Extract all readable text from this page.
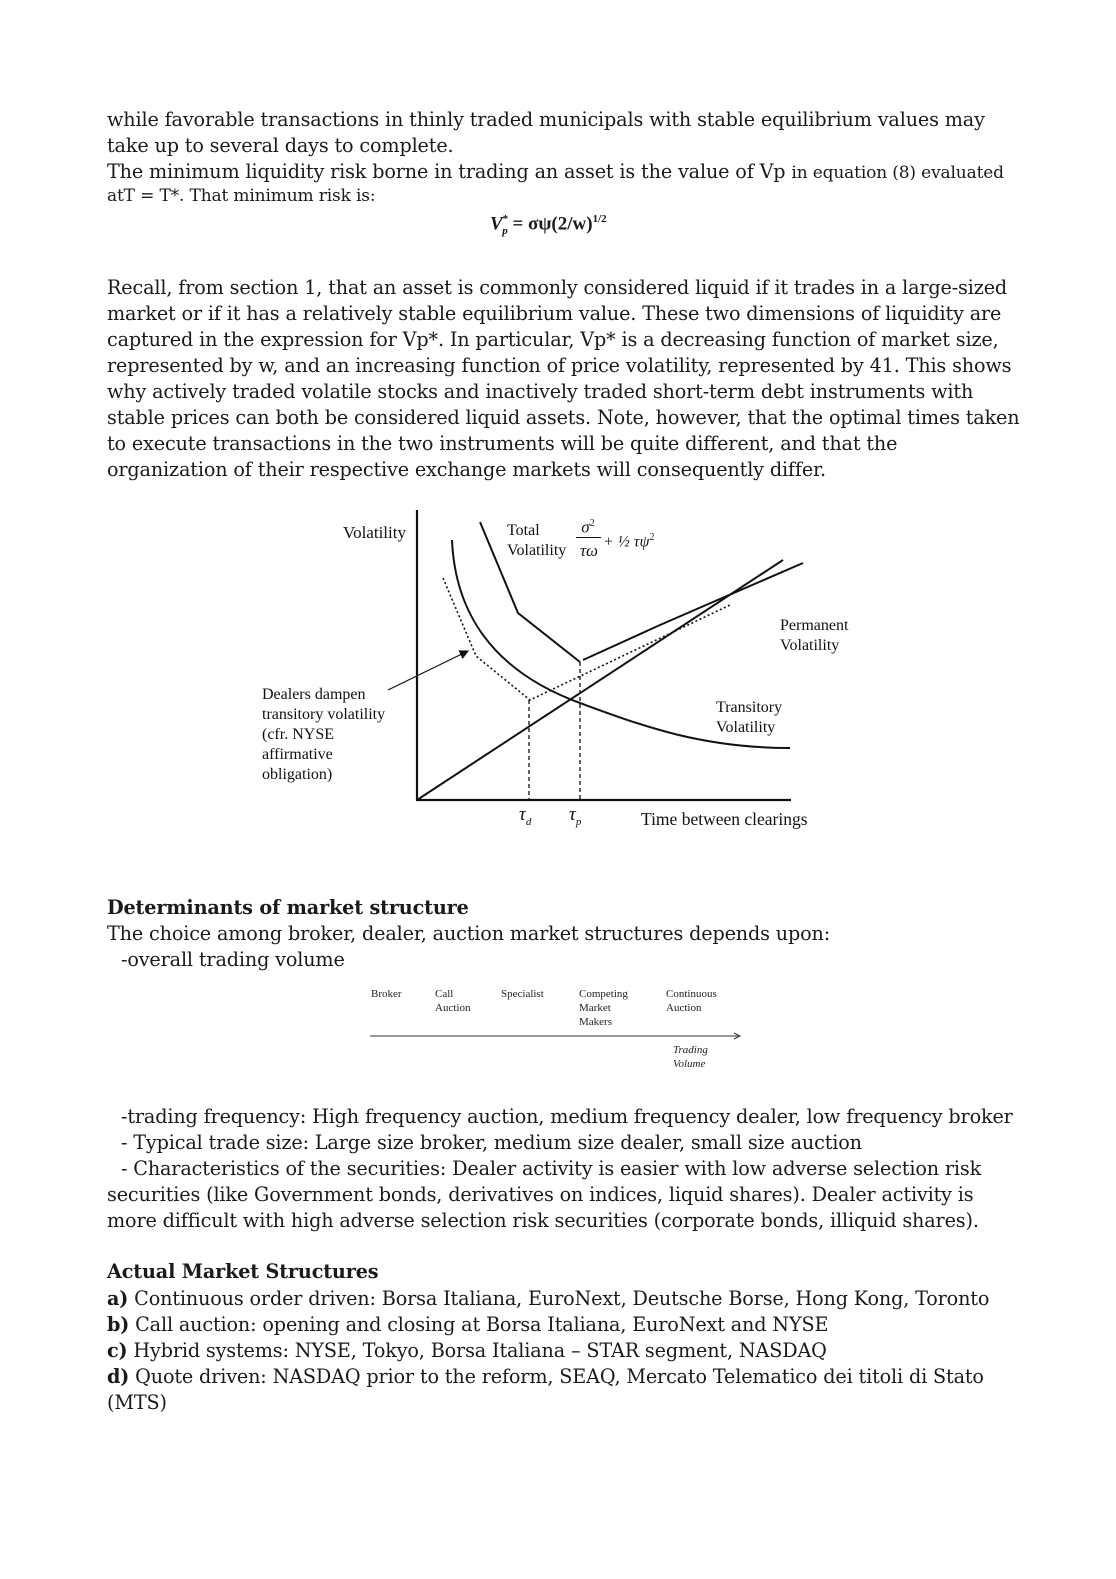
while favorable transactions in thinly traded municipals with stable equilibrium values may
take up to several days to complete.
The minimum liquidity risk borne in trading an asset is the value of Vp in equation (8) evaluated
atT = T*. That minimum risk is:
$V^*_p = \sigma\psi(2/w)^{1/2}$
Recall, from section 1, that an asset is commonly considered liquid if it trades in a large-sized
market or if it has a relatively stable equilibrium value. These two dimensions of liquidity are
captured in the expression for Vp*. In particular, Vp* is a decreasing function of market size,
represented by w, and an increasing function of price volatility, represented by 41. This shows
why actively traded volatile stocks and inactively traded short-term debt instruments with
stable prices can both be considered liquid assets. Note, however, that the optimal times taken
to execute transactions in the two instruments will be quite different, and that the
organization of their respective exchange markets will consequently differ.
Volatility	Total
Volatility
$\sigma^2$
τω + ½ $\tau\psi^2$
Permanent
Volatility
Transitory
Volatility
Dealers dampen
transitory volatility
(cfr. NYSE
affirmative
obligation)
$\tau_d$ $\tau_p$	Time between clearings
Determinants of market structure
The choice among broker, dealer, auction market structures depends upon:
-overall trading volume
Broker	Call
Auction
Specialist	Competing
Market
Makers
Continuous
Auction
Trading
Volume
-trading frequency: High frequency auction, medium frequency dealer, low frequency broker
- Typical trade size: Large size broker, medium size dealer, small size auction
- Characteristics of the securities: Dealer activity is easier with low adverse selection risk
securities (like Government bonds, derivatives on indices, liquid shares). Dealer activity is
more difficult with high adverse selection risk securities (corporate bonds, illiquid shares).
Actual Market Structures
a) Continuous order driven: Borsa Italiana, EuroNext, Deutsche Borse, Hong Kong, Toronto
b) Call auction: opening and closing at Borsa Italiana, EuroNext and NYSE
c) Hybrid systems: NYSE, Tokyo, Borsa Italiana – STAR segment, NASDAQ
d) Quote driven: NASDAQ prior to the reform, SEAQ, Mercato Telematico dei titoli di Stato
(MTS)
